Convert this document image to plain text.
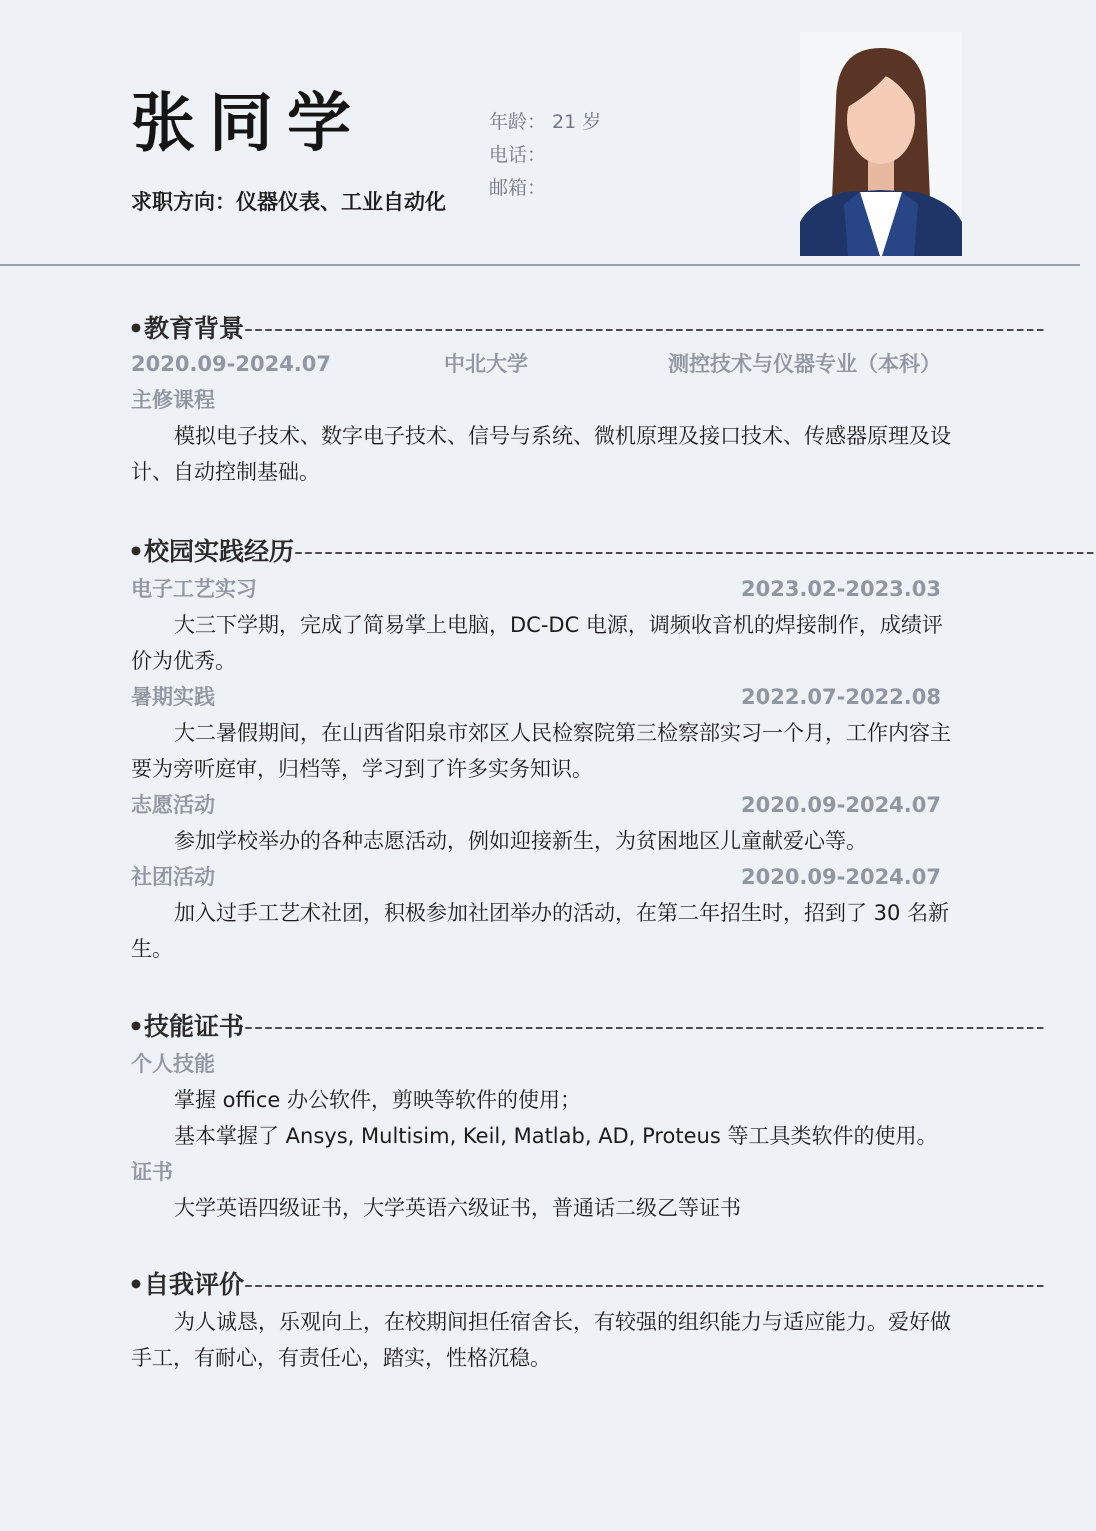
张同学
求职方向：仪器仪表、工业自动化
年龄： 21 岁
电话：
邮箱：
•教育背景--------------------------------------------------------------------------------
2020.09-2024.07	中北大学	测控技术与仪器专业（本科）
主修课程
模拟电子技术、数字电子技术、信号与系统、微机原理及接口技术、传感器原理及设计、自动控制基础。
•校园实践经历--------------------------------------------------------------------------------
电子工艺实习	2023.02-2023.03
大三下学期，完成了简易掌上电脑，DC-DC 电源，调频收音机的焊接制作，成绩评价为优秀。
暑期实践	2022.07-2022.08
大二暑假期间，在山西省阳泉市郊区人民检察院第三检察部实习一个月，工作内容主要为旁听庭审，归档等，学习到了许多实务知识。
志愿活动	2020.09-2024.07
参加学校举办的各种志愿活动，例如迎接新生，为贫困地区儿童献爱心等。
社团活动	2020.09-2024.07
加入过手工艺术社团，积极参加社团举办的活动，在第二年招生时，招到了 30 名新生。
•技能证书--------------------------------------------------------------------------------
个人技能
掌握 office 办公软件，剪映等软件的使用；
基本掌握了 Ansys, Multisim, Keil, Matlab, AD, Proteus 等工具类软件的使用。
证书
大学英语四级证书，大学英语六级证书，普通话二级乙等证书
•自我评价--------------------------------------------------------------------------------
为人诚恳，乐观向上，在校期间担任宿舍长，有较强的组织能力与适应能力。爱好做手工，有耐心，有责任心，踏实，性格沉稳。
